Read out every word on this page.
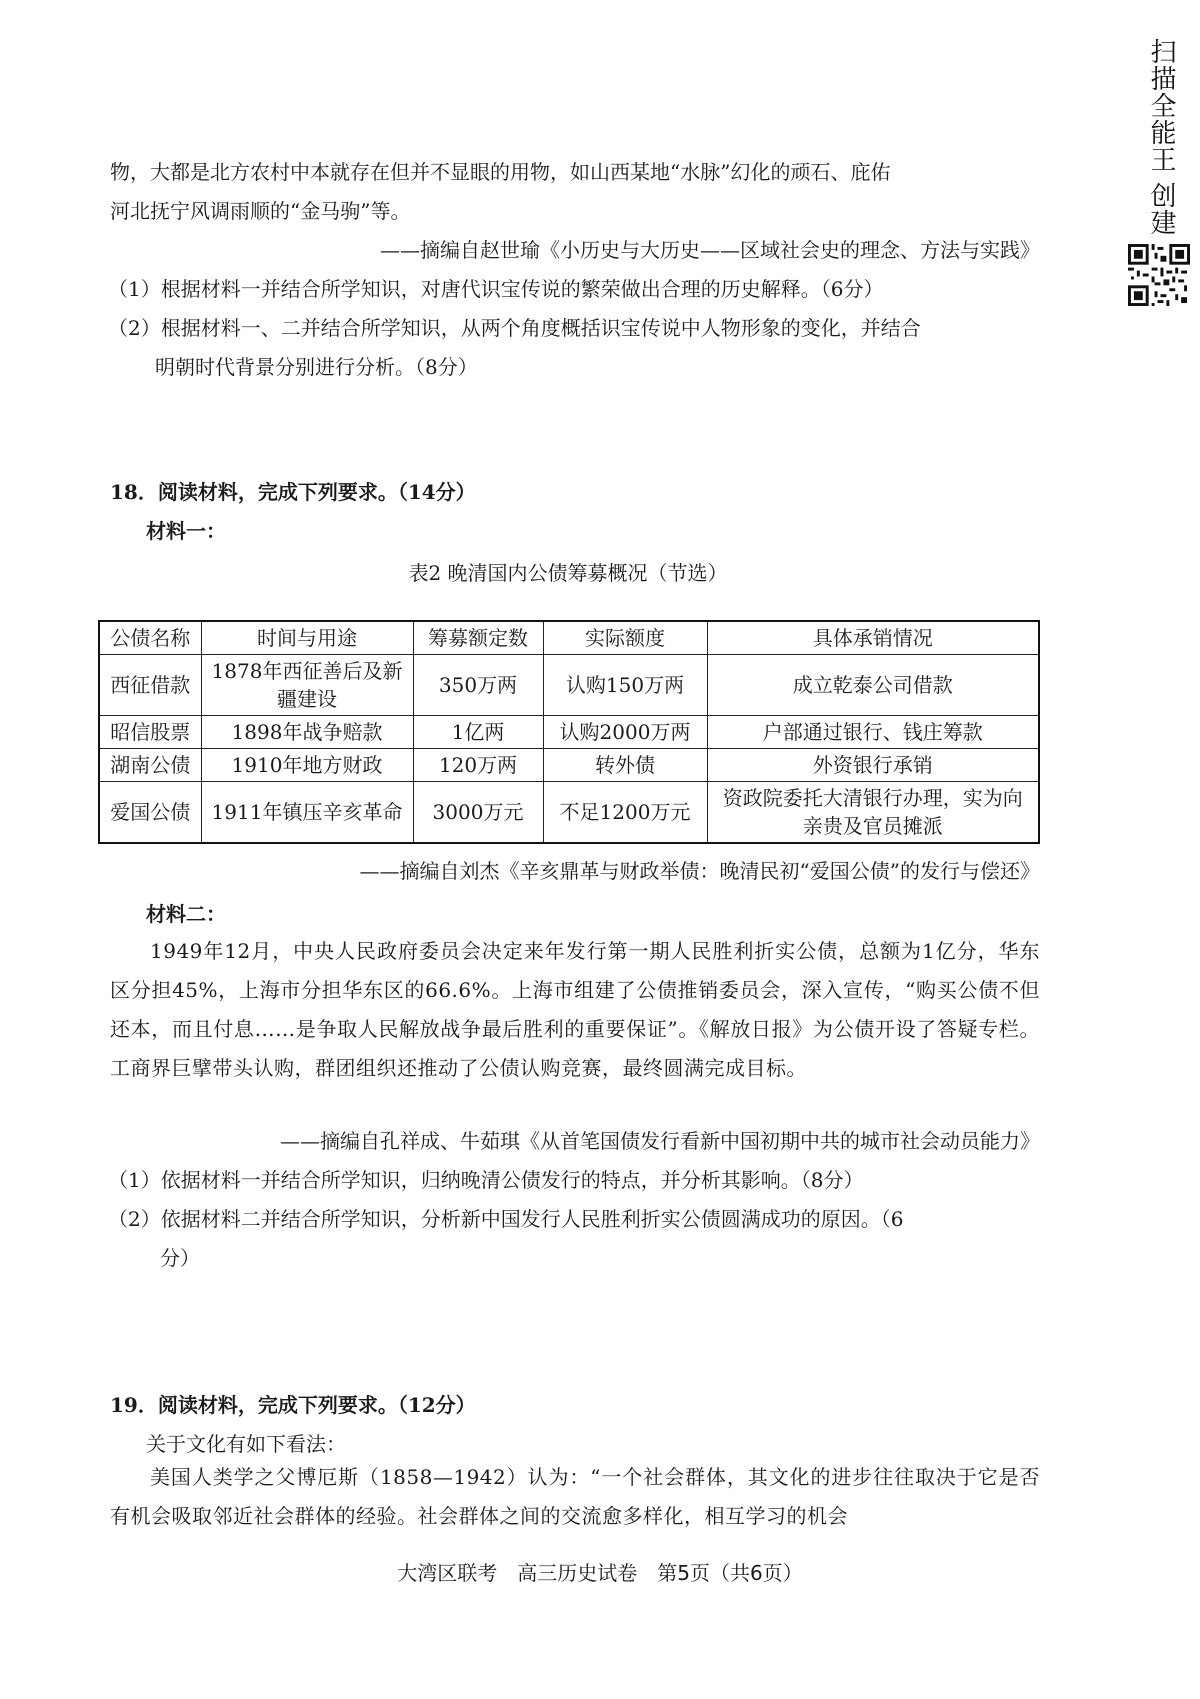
扫描全能王 创建

物，大都是北方农村中本就存在但并不显眼的用物，如山西某地“水脉”幻化的顽石、庇佑

河北抚宁风调雨顺的“金马驹”等。

——摘编自赵世瑜《小历史与大历史——区域社会史的理念、方法与实践》

（1）根据材料一并结合所学知识，对唐代识宝传说的繁荣做出合理的历史解释。（6分）

（2）根据材料一、二并结合所学知识，从两个角度概括识宝传说中人物形象的变化，并结合

明朝时代背景分别进行分析。（8分）

18．阅读材料，完成下列要求。（14分）

材料一：

表2 晚清国内公债筹募概况（节选）

公债名称	时间与用途	筹募额定数	实际额度	具体承销情况
西征借款	1878年西征善后及新疆建设	350万两	认购150万两	成立乾泰公司借款
昭信股票	1898年战争赔款	1亿两	认购2000万两	户部通过银行、钱庄筹款
湖南公债	1910年地方财政	120万两	转外债	外资银行承销
爱国公债	1911年镇压辛亥革命	3000万元	不足1200万元	资政院委托大清银行办理，实为向亲贵及官员摊派

——摘编自刘杰《辛亥鼎革与财政举债：晚清民初“爱国公债”的发行与偿还》

材料二：

1949年12月，中央人民政府委员会决定来年发行第一期人民胜利折实公债，总额为1亿分，华东区分担45%，上海市分担华东区的66.6%。上海市组建了公债推销委员会，深入宣传，“购买公债不但还本，而且付息……是争取人民解放战争最后胜利的重要保证”。《解放日报》为公债开设了答疑专栏。工商界巨擘带头认购，群团组织还推动了公债认购竞赛，最终圆满完成目标。

——摘编自孔祥成、牛茹琪《从首笔国债发行看新中国初期中共的城市社会动员能力》

（1）依据材料一并结合所学知识，归纳晚清公债发行的特点，并分析其影响。（8分）

（2）依据材料二并结合所学知识，分析新中国发行人民胜利折实公债圆满成功的原因。（6

分）

19．阅读材料，完成下列要求。（12分）

关于文化有如下看法：

美国人类学之父博厄斯（1858—1942）认为：“一个社会群体，其文化的进步往往取决于它是否有机会吸取邻近社会群体的经验。社会群体之间的交流愈多样化，相互学习的机会

大湾区联考　高三历史试卷　第5页（共6页）
